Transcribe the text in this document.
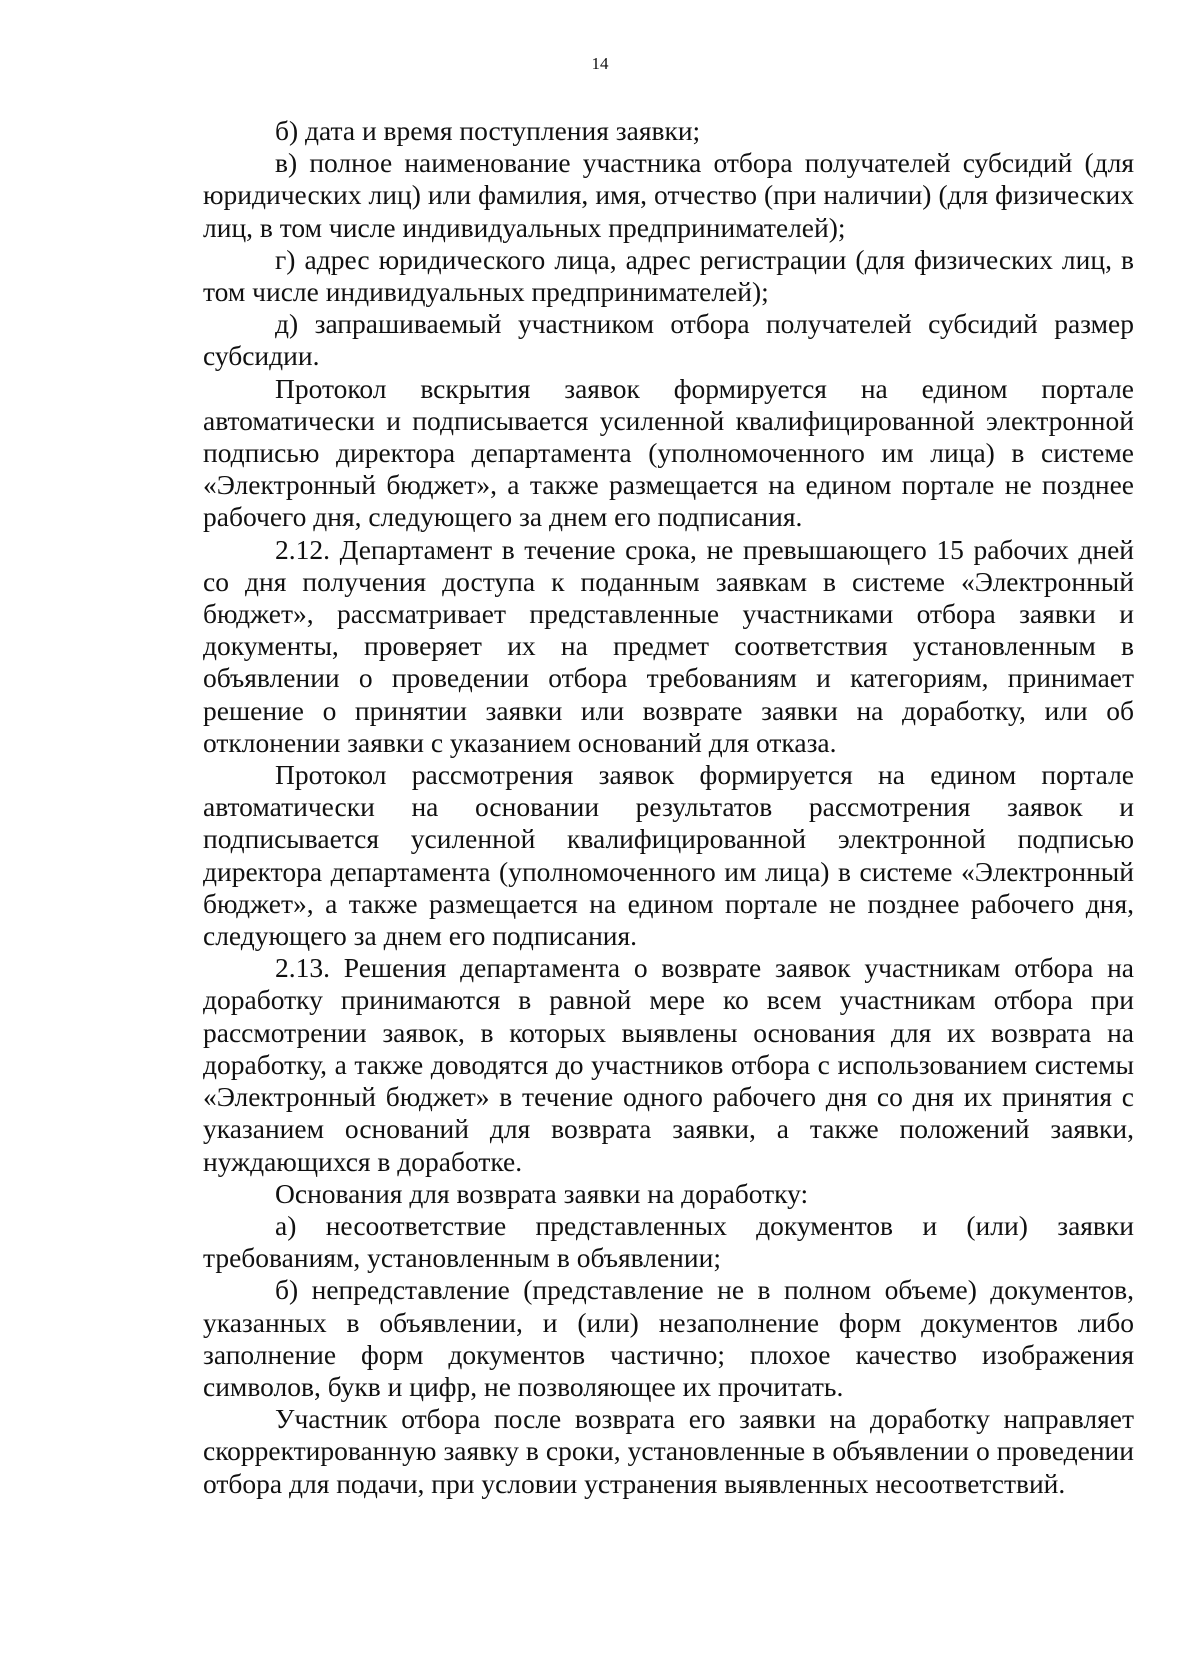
14

б) дата и время поступления заявки;

в) полное наименование участника отбора получателей субсидий (для юридических лиц) или фамилия, имя, отчество (при наличии) (для физических лиц, в том числе индивидуальных предпринимателей);

г) адрес юридического лица, адрес регистрации (для физических лиц, в том числе индивидуальных предпринимателей);

д) запрашиваемый участником отбора получателей субсидий размер субсидии.

Протокол вскрытия заявок формируется на едином портале автоматически и подписывается усиленной квалифицированной электронной подписью директора департамента (уполномоченного им лица) в системе «Электронный бюджет», а также размещается на едином портале не позднее рабочего дня, следующего за днем его подписания.

2.12. Департамент в течение срока, не превышающего 15 рабочих дней со дня получения доступа к поданным заявкам в системе «Электронный бюджет», рассматривает представленные участниками отбора заявки и документы, проверяет их на предмет соответствия установленным в объявлении о проведении отбора требованиям и категориям, принимает решение о принятии заявки или возврате заявки на доработку, или об отклонении заявки с указанием оснований для отказа.

Протокол рассмотрения заявок формируется на едином портале автоматически на основании результатов рассмотрения заявок и подписывается усиленной квалифицированной электронной подписью директора департамента (уполномоченного им лица) в системе «Электронный бюджет», а также размещается на едином портале не позднее рабочего дня, следующего за днем его подписания.

2.13. Решения департамента о возврате заявок участникам отбора на доработку принимаются в равной мере ко всем участникам отбора при рассмотрении заявок, в которых выявлены основания для их возврата на доработку, а также доводятся до участников отбора с использованием системы «Электронный бюджет» в течение одного рабочего дня со дня их принятия с указанием оснований для возврата заявки, а также положений заявки, нуждающихся в доработке.

Основания для возврата заявки на доработку:

а) несоответствие представленных документов и (или) заявки требованиям, установленным в объявлении;

б) непредставление (представление не в полном объеме) документов, указанных в объявлении, и (или) незаполнение форм документов либо заполнение форм документов частично; плохое качество изображения символов, букв и цифр, не позволяющее их прочитать.

Участник отбора после возврата его заявки на доработку направляет скорректированную заявку в сроки, установленные в объявлении о проведении отбора для подачи, при условии устранения выявленных несоответствий.
